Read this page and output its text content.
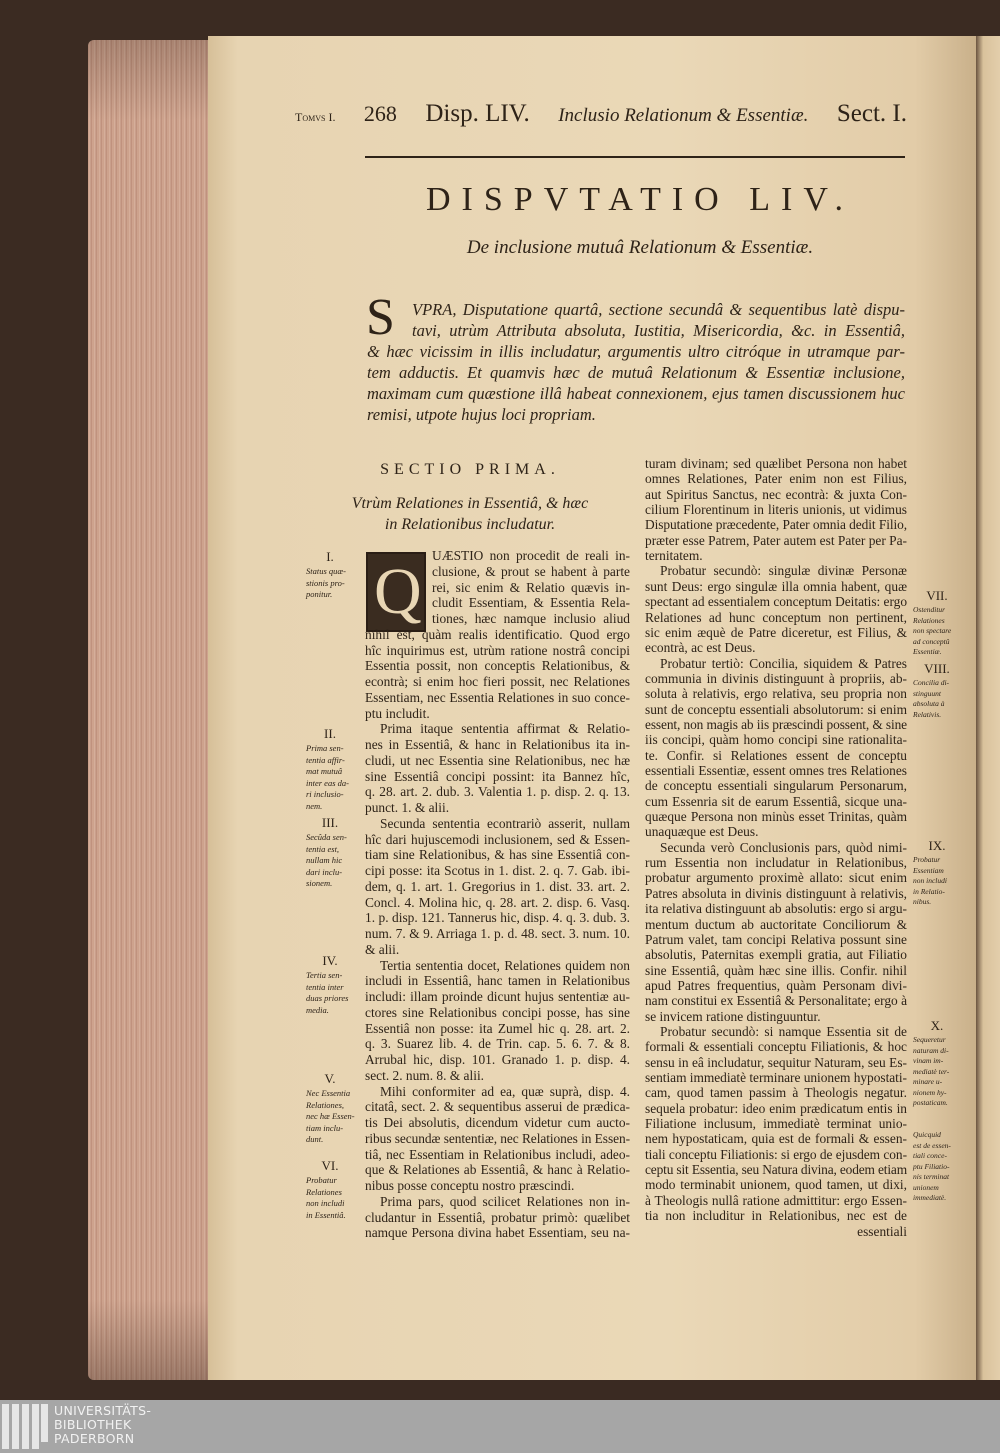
Tomvs I. 268 Disp. LIV. Inclusio Relationum & Essentiæ. Sect. I.
DISPVTATIO LIV.
De inclusione mutuâ Relationum & Essentiæ.
S VPRA, Disputatione quartâ, sectione secundâ & sequentibus latè dispu-
tavi, utrùm Attributa absoluta, Iustitia, Misericordia, &c. in Essentiâ,
& hæc vicissim in illis includatur, argumentis ultro citróque in utramque par-
tem adductis. Et quamvis hæc de mutuâ Relationum & Essentiæ inclusione,
maximam cum quæstione illâ habeat connexionem, ejus tamen discussionem huc
remisi, utpote hujus loci propriam.
SECTIO PRIMA.
Vtrùm Relationes in Essentiâ, & hæc
in Relationibus includatur.
Q UÆSTIO non procedit de reali in-
clusione, & prout se habent à parte
rei, sic enim & Relatio quævis in-
cludit Essentiam, & Essentia Rela-
tiones, hæc namque inclusio aliud
nihil est, quàm realis identificatio. Quod ergo
hîc inquirimus est, utrùm ratione nostrâ concipi
Essentia possit, non conceptis Relationibus, &
econtrà; si enim hoc fieri possit, nec Relationes
Essentiam, nec Essentia Relationes in suo conce-
ptu includit.
Prima itaque sententia affirmat & Relatio-
nes in Essentiâ, & hanc in Relationibus ita in-
cludi, ut nec Essentia sine Relationibus, nec hæ
sine Essentiâ concipi possint: ita Bannez hîc,
q. 28. art. 2. dub. 3. Valentia 1. p. disp. 2. q. 13.
punct. 1. & alii.
Secunda sententia econtrariò asserit, nullam
hîc dari hujuscemodi inclusionem, sed & Essen-
tiam sine Relationibus, & has sine Essentiâ con-
cipi posse: ita Scotus in 1. dist. 2. q. 7. Gab. ibi-
dem, q. 1. art. 1. Gregorius in 1. dist. 33. art. 2.
Concl. 4. Molina hic, q. 28. art. 2. disp. 6. Vasq.
1. p. disp. 121. Tannerus hic, disp. 4. q. 3. dub. 3.
num. 7. & 9. Arriaga 1. p. d. 48. sect. 3. num. 10.
& alii.
Tertia sententia docet, Relationes quidem non
includi in Essentiâ, hanc tamen in Relationibus
includi: illam proinde dicunt hujus sententiæ au-
ctores sine Relationibus concipi posse, has sine
Essentiâ non posse: ita Zumel hic q. 28. art. 2.
q. 3. Suarez lib. 4. de Trin. cap. 5. 6. 7. & 8.
Arrubal hic, disp. 101. Granado 1. p. disp. 4.
sect. 2. num. 8. & alii.
Mihi conformiter ad ea, quæ suprà, disp. 4.
citatâ, sect. 2. & sequentibus asserui de prædica-
tis Dei absolutis, dicendum videtur cum aucto-
ribus secundæ sententiæ, nec Relationes in Essen-
tiâ, nec Essentiam in Relationibus includi, adeo-
que & Relationes ab Essentiâ, & hanc à Relatio-
nibus posse conceptu nostro præscindi.
Prima pars, quod scilicet Relationes non in-
cludantur in Essentiâ, probatur primò: quælibet
namque Persona divina habet Essentiam, seu na-
turam divinam; sed quælibet Persona non habet
omnes Relationes, Pater enim non est Filius,
aut Spiritus Sanctus, nec econtrà: & juxta Con-
cilium Florentinum in literis unionis, ut vidimus
Disputatione præcedente, Pater omnia dedit Filio,
præter esse Patrem, Pater autem est Pater per Pa-
ternitatem.
Probatur secundò: singulæ divinæ Personæ
sunt Deus: ergo singulæ illa omnia habent, quæ
spectant ad essentialem conceptum Deitatis: ergo
Relationes ad hunc conceptum non pertinent,
sic enim æquè de Patre diceretur, est Filius, &
econtrà, ac est Deus.
Probatur tertiò: Concilia, siquidem & Patres
communia in divinis distinguunt à propriis, ab-
soluta à relativis, ergo relativa, seu propria non
sunt de conceptu essentiali absolutorum: si enim
essent, non magis ab iis præscindi possent, & sine
iis concipi, quàm homo concipi sine rationalita-
te. Confir. si Relationes essent de conceptu
essentiali Essentiæ, essent omnes tres Relationes
de conceptu essentiali singularum Personarum,
cum Essenria sit de earum Essentiâ, sicque una-
quæque Persona non minùs esset Trinitas, quàm
unaquæque est Deus.
Secunda verò Conclusionis pars, quòd nimi-
rum Essentia non includatur in Relationibus,
probatur argumento proximè allato: sicut enim
Patres absoluta in divinis distinguunt à relativis,
ita relativa distinguunt ab absolutis: ergo si argu-
mentum ductum ab auctoritate Conciliorum &
Patrum valet, tam concipi Relativa possunt sine
absolutis, Paternitas exempli gratia, aut Filiatio
sine Essentiâ, quàm hæc sine illis. Confir. nihil
apud Patres frequentius, quàm Personam divi-
nam constitui ex Essentiâ & Personalitate; ergo à
se invicem ratione distinguuntur.
Probatur secundò: si namque Essentia sit de
formali & essentiali conceptu Filiationis, & hoc
sensu in eâ includatur, sequitur Naturam, seu Es-
sentiam immediatè terminare unionem hypostati-
cam, quod tamen passim à Theologis negatur.
sequela probatur: ideo enim prædicatum entis in
Filiatione inclusum, immediatè terminat unio-
nem hypostaticam, quia est de formali & essen-
tiali conceptu Filiationis: si ergo de ejusdem con-
ceptu sit Essentia, seu Natura divina, eodem etiam
modo terminabit unionem, quod tamen, ut dixi,
à Theologis nullâ ratione admittitur: ergo Essen-
tia non includitur in Relationibus, nec est de
essentiali
I.
Status quæ-
stionis pro-
ponitur.
II.
Prima sen-
tentia affir-
mat mutuâ
inter eas da-
ri inclusio-
nem.
III.
Secûda sen-
tentia est,
nullam hic
dari inclu-
sionem.
IV.
Tertia sen-
tentia inter
duas priores
media.
V.
Nec Essentia
Relationes,
nec hæ Essen-
tiam inclu-
dunt.
VI.
Probatur
Relationes
non includi
in Essentiâ.
VII.
Ostenditur
Relationes
non spectare
ad conceptû
Essentiæ.
VIII.
Concilia di-
stinguunt
absoluta à
Relativis.
IX.
Probatur
Essentiam
non includi
in Relatio-
nibus.
X.
Sequeretur
naturam di-
vinam im-
mediatè ter-
minare u-
nionem hy-
postaticam.
Quicquid
est de essen-
tiali conce-
ptu Filiatio-
nis terminat
unionem
immediatè.
UNIVERSITÄTS-
BIBLIOTHEK
PADERBORN
